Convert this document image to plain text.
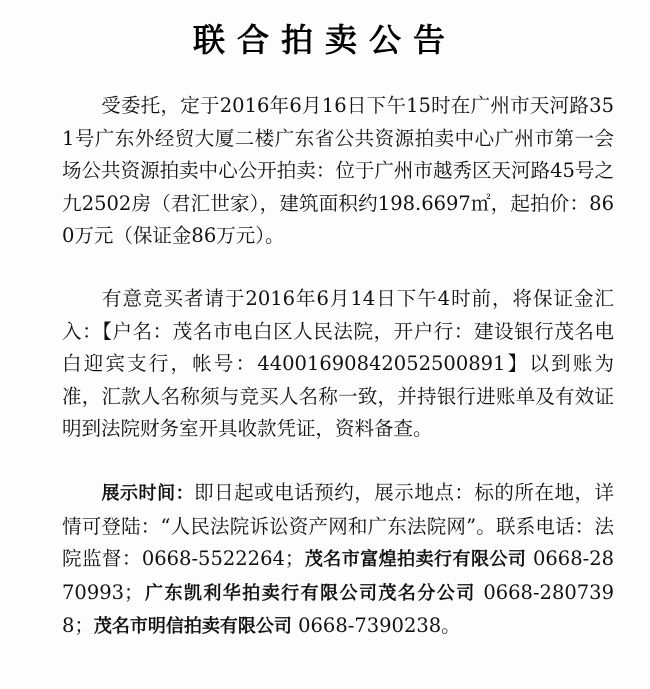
联合拍卖公告
受委托，定于2016年6月16日下午15时在广州市天河路351号广东外经贸大厦二楼广东省公共资源拍卖中心广州市第一会场公共资源拍卖中心公开拍卖：位于广州市越秀区天河路45号之九2502房（君汇世家），建筑面积约198.6697㎡，起拍价：860万元（保证金86万元）。
有意竞买者请于2016年6月14日下午4时前，将保证金汇入：【户名：茂名市电白区人民法院，开户行：建设银行茂名电白迎宾支行，帐号：44001690842052500891】以到账为准，汇款人名称须与竞买人名称一致，并持银行进账单及有效证明到法院财务室开具收款凭证，资料备查。
展示时间：即日起或电话预约，展示地点：标的所在地，详情可登陆：“人民法院诉讼资产网和广东法院网”。联系电话：法院监督：0668-5522264；茂名市富煌拍卖行有限公司 0668-2870993；广东凯利华拍卖行有限公司茂名分公司 0668-2807398；茂名市明信拍卖有限公司 0668-7390238。
